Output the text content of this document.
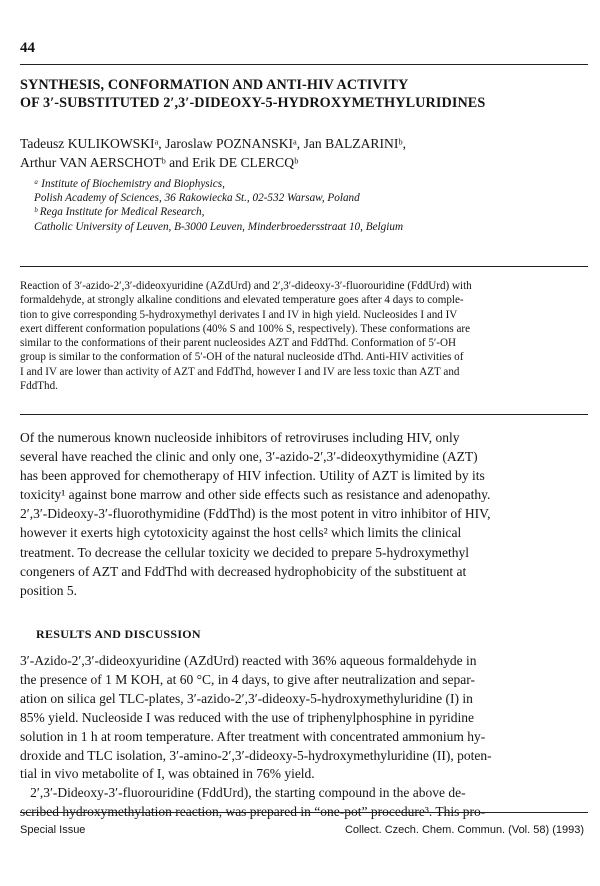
44
SYNTHESIS, CONFORMATION AND ANTI-HIV ACTIVITY
OF 3′-SUBSTITUTED 2′,3′-DIDEOXY-5-HYDROXYMETHYLURIDINES
Tadeusz KULIKOWSKIᵃ, Jaroslaw POZNANSKIᵃ, Jan BALZARINIᵇ,
Arthur VAN AERSCHOTᵇ and Erik DE CLERCQᵇ
ᵃ Institute of Biochemistry and Biophysics,
Polish Academy of Sciences, 36 Rakowiecka St., 02-532 Warsaw, Poland
ᵇ Rega Institute for Medical Research,
Catholic University of Leuven, B-3000 Leuven, Minderbroedersstraat 10, Belgium
Reaction of 3′-azido-2′,3′-dideoxyuridine (AZdUrd) and 2′,3′-dideoxy-3′-fluorouridine (FddUrd) with
formaldehyde, at strongly alkaline conditions and elevated temperature goes after 4 days to comple-
tion to give corresponding 5-hydroxymethyl derivates I and IV in high yield. Nucleosides I and IV
exert different conformation populations (40% S and 100% S, respectively). These conformations are
similar to the conformations of their parent nucleosides AZT and FddThd. Conformation of 5′-OH
group is similar to the conformation of 5′-OH of the natural nucleoside dThd. Anti-HIV activities of
I and IV are lower than activity of AZT and FddThd, however I and IV are less toxic than AZT and
FddThd.
Of the numerous known nucleoside inhibitors of retroviruses including HIV, only
several have reached the clinic and only one, 3′-azido-2′,3′-dideoxythymidine (AZT)
has been approved for chemotherapy of HIV infection. Utility of AZT is limited by its
toxicity¹ against bone marrow and other side effects such as resistance and adenopathy.
2′,3′-Dideoxy-3′-fluorothymidine (FddThd) is the most potent in vitro inhibitor of HIV,
however it exerts high cytotoxicity against the host cells² which limits the clinical
treatment. To decrease the cellular toxicity we decided to prepare 5-hydroxymethyl
congeners of AZT and FddThd with decreased hydrophobicity of the substituent at
position 5.
RESULTS AND DISCUSSION
3′-Azido-2′,3′-dideoxyuridine (AZdUrd) reacted with 36% aqueous formaldehyde in
the presence of 1 M KOH, at 60 °C, in 4 days, to give after neutralization and separ-
ation on silica gel TLC-plates, 3′-azido-2′,3′-dideoxy-5-hydroxymethyluridine (I) in
85% yield. Nucleoside I was reduced with the use of triphenylphosphine in pyridine
solution in 1 h at room temperature. After treatment with concentrated ammonium hy-
droxide and TLC isolation, 3′-amino-2′,3′-dideoxy-5-hydroxymethyluridine (II), poten-
tial in vivo metabolite of I, was obtained in 76% yield.
2′,3′-Dideoxy-3′-fluorouridine (FddUrd), the starting compound in the above de-
scribed hydroxymethylation reaction, was prepared in “one-pot” procedure³. This pro-
Special Issue	Collect. Czech. Chem. Commun. (Vol. 58) (1993)
